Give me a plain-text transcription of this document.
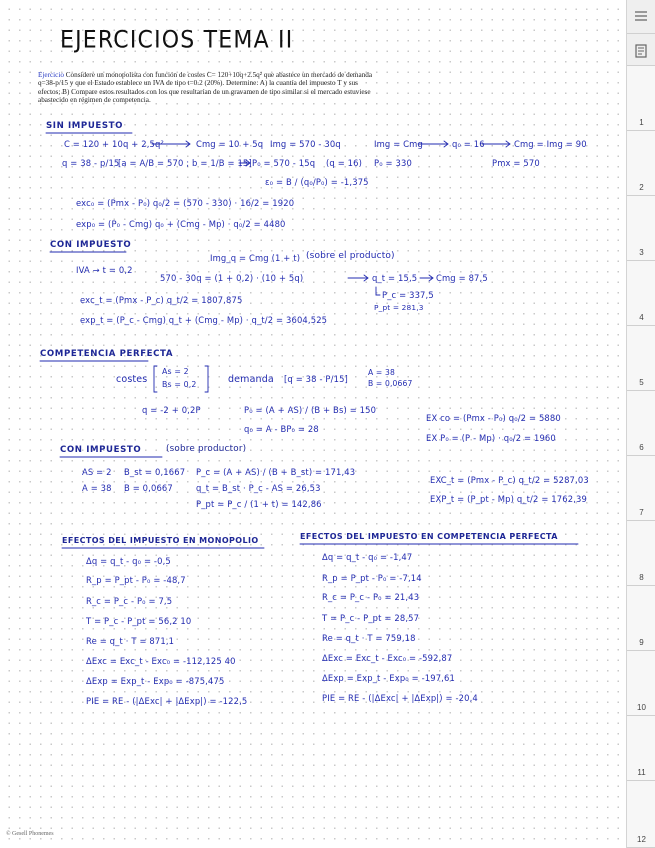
EJERCICIOS TEMA II
Ejercicio Considere un monopolista con función de costes C= 120+10q+2.5q² que abastece un mercado de demanda q=38-p/15 y que el Estado establece un IVA de tipo t=0.2 (20%). Determine: A) la cuantía del impuesto T y sus efectos; B) Compare estos resultados con los que resultarían de un gravamen de tipo similar si el mercado estuviese abastecido en régimen de competencia.
SIN IMPUESTO
C = 120 + 10q + 2,5q²	Cmg = 10 + 5q Img = 570 - 30q	Img = Cmg	q₀ = 16	Cmg = Img = 90
q = 38 - p/15
[a = A/B = 570 ; b = 1/B = 15] P₀ = 570 - 15q (q = 16) P₀ = 330	Pmx = 570
ε₀ = B / (q₀/P₀) = -1,375
exc₀ = (Pmx - P₀) q₀/2 = (570 - 330) · 16/2 = 1920
exp₀ = (P₀ - Cmg) q₀ + (Cmg - Mp) · q₀/2 = 4480
CON IMPUESTO
Img_q = Cmg (1 + t) (sobre el producto)
IVA → t = 0,2
570 - 30q = (1 + 0,2) · (10 + 5q)	q_t = 15,5 Cmg = 87,5
P_c = 337,5
P_pt = 281,3
exc_t = (Pmx - P_c) q_t/2 = 1807,875
exp_t = (P_c - Cmg) q_t + (Cmg - Mp) · q_t/2 = 3604,525
COMPETENCIA PERFECTA
costes
As = 2
Bs = 0,2	demanda [q = 38 - P/15]
A = 38
B = 0,0667
q = -2 + 0,2P	P₀ = (A + AS) / (B + Bs) = 150
q₀ = A - BP₀ = 28
EX co = (Pmx - P₀) q₀/2 = 5880
EX P₀ = (P - Mp) · q₀/2 = 1960
CON IMPUESTO	(sobre productor)
AS = 2 B_st = 0,1667
A = 38 B = 0,0667
P_c = (A + AS) / (B + B_st) = 171,43
q_t = B_st · P_c - AS = 26,53
P_pt = P_c / (1 + t) = 142,86
EXC_t = (Pmx - P_c) q_t/2 = 5287,03
EXP_t = (P_pt - Mp) q_t/2 = 1762,39
EFECTOS DEL IMPUESTO EN MONOPOLIO	EFECTOS DEL IMPUESTO EN COMPETENCIA PERFECTA
Δq = q_t - q₀ = -0,5
R_p = P_pt - P₀ = -48,7
R_c = P_c - P₀ = 7,5
T = P_c - P_pt = 56,2 10
Re = q_t · T = 871,1
ΔExc = Exc_t - Exc₀ = -112,125 40
ΔExp = Exp_t - Exp₀ = -875,475
PIE = RE - (|ΔExc| + |ΔExp|) = -122,5
Δq = q_t - q₀ = -1,47
R_p = P_pt - P₀ = -7,14
R_c = P_c - P₀ = 21,43
T = P_c - P_pt = 28,57
Re = q_t · T = 759,18
ΔExc = Exc_t - Exc₀ = -592,87
ΔExp = Exp_t - Exp₀ = -197,61
PIE = RE - (|ΔExc| + |ΔExp|) = -20,4
© Gesell Phonemes
1
2
3
4
5
6
7
8
9
10
11
12
